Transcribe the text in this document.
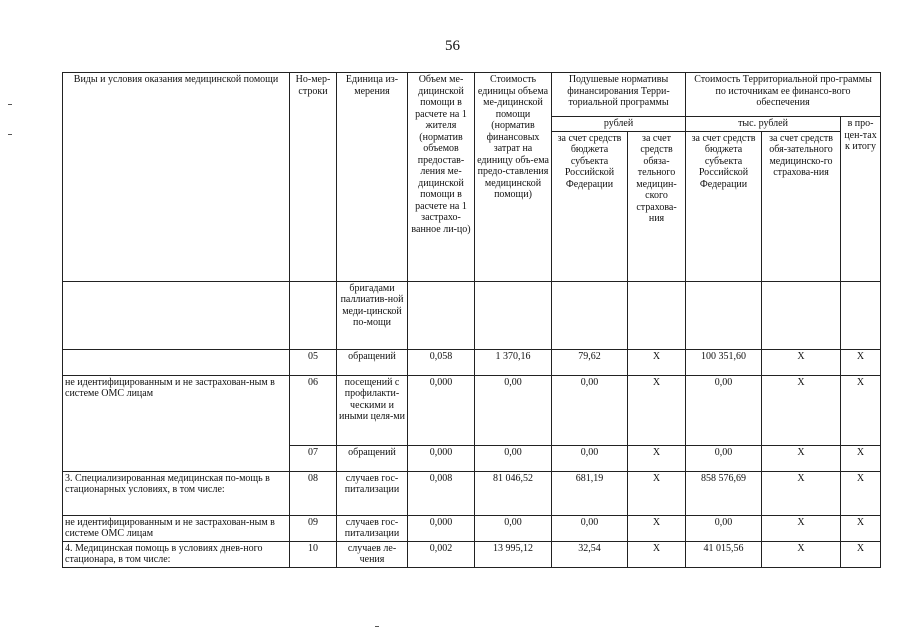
56
Виды и условия оказания медицинской помощи	Но-мер-строки	Единица из-мерения	Объем ме-дицинской помощи в расчете на 1 жителя (норматив объемов предостав-ления ме-дицинской помощи в расчете на 1 застрахо-ванное ли-цо)	Стоимость единицы объема ме-дицинской помощи (норматив финансовых затрат на единицу объ-ема предо-ставления медицинской помощи)	Подушевые нормативы финансирования Терри-ториальной программы		Стоимость Территориальной про-граммы по источникам ее финансо-вого обеспечения		
					рублей		тыс. рублей		в про-цен-тах к итогу
					за счет средств бюджета субъекта Российской Федерации	за счет средств обяза-тельного медицин-ского страхова-ния	за счет средств бюджета субъекта Российской Федерации	за счет средств обя-зательного медицинско-го страхова-ния	
		бригадами паллиатив-ной меди-цинской по-мощи							
	05	обращений	0,058	1 370,16	79,62	X	100 351,60	X	X
не идентифицированным и не застрахован-ным в системе ОМС лицам	06	посещений с профилакти-ческими и иными целя-ми	0,000	0,00	0,00	X	0,00	X	X
	07	обращений	0,000	0,00	0,00	X	0,00	X	X
3. Специализированная медицинская по-мощь в стационарных условиях, в том числе:	08	случаев гос-питализации	0,008	81 046,52	681,19	X	858 576,69	X	X
не идентифицированным и не застрахован-ным в системе ОМС лицам	09	случаев гос-питализации	0,000	0,00	0,00	X	0,00	X	X
4. Медицинская помощь в условиях днев-ного стационара, в том числе:	10	случаев ле-чения	0,002	13 995,12	32,54	X	41 015,56	X	X
